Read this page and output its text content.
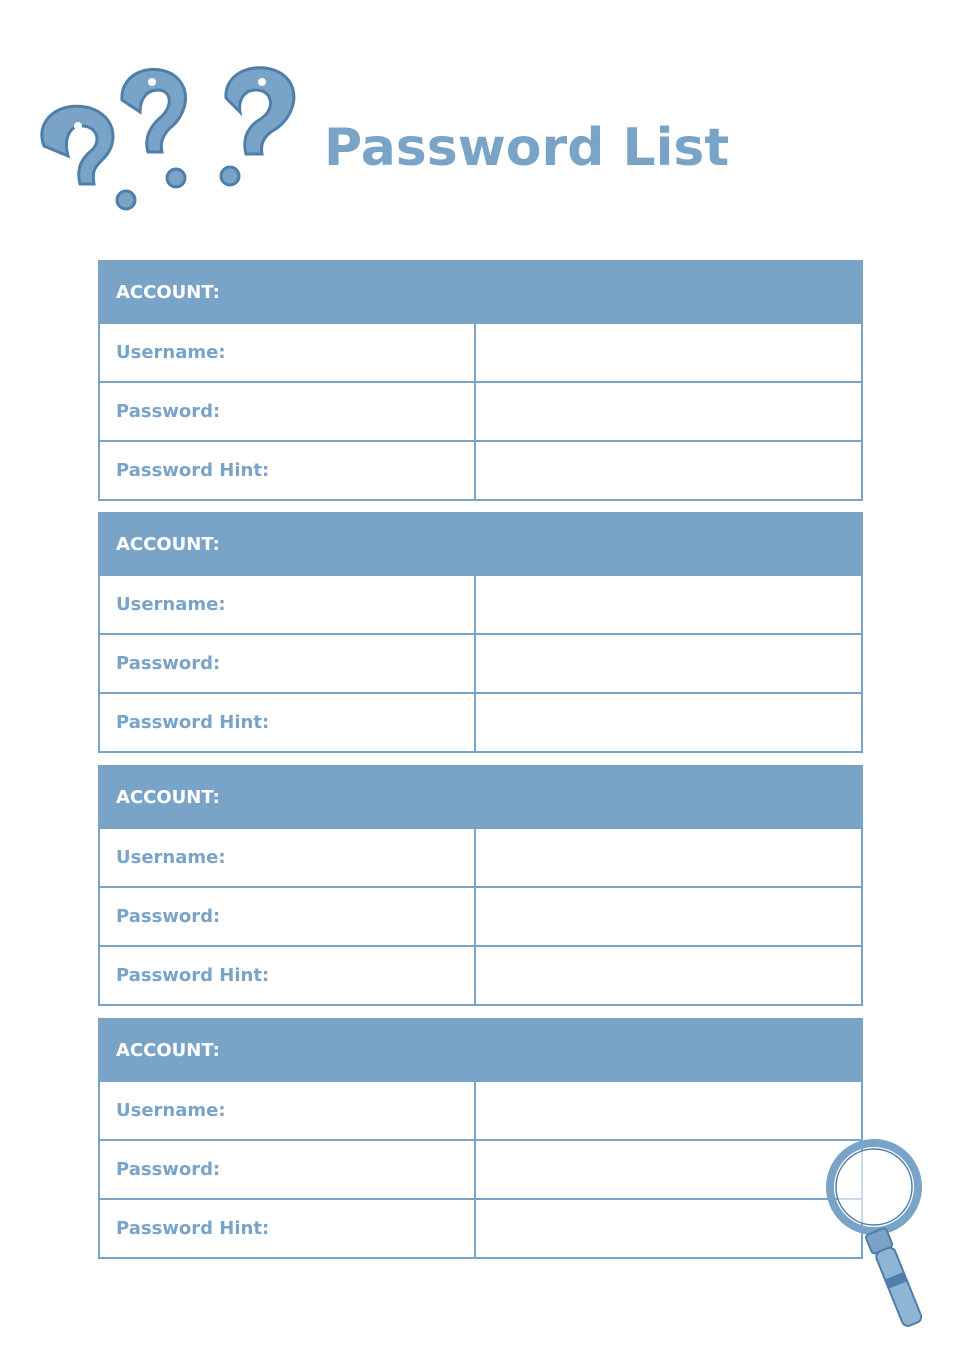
Password List
ACCOUNT:
Username:
Password:
Password Hint:
ACCOUNT:
Username:
Password:
Password Hint:
ACCOUNT:
Username:
Password:
Password Hint:
ACCOUNT:
Username:
Password:
Password Hint:
